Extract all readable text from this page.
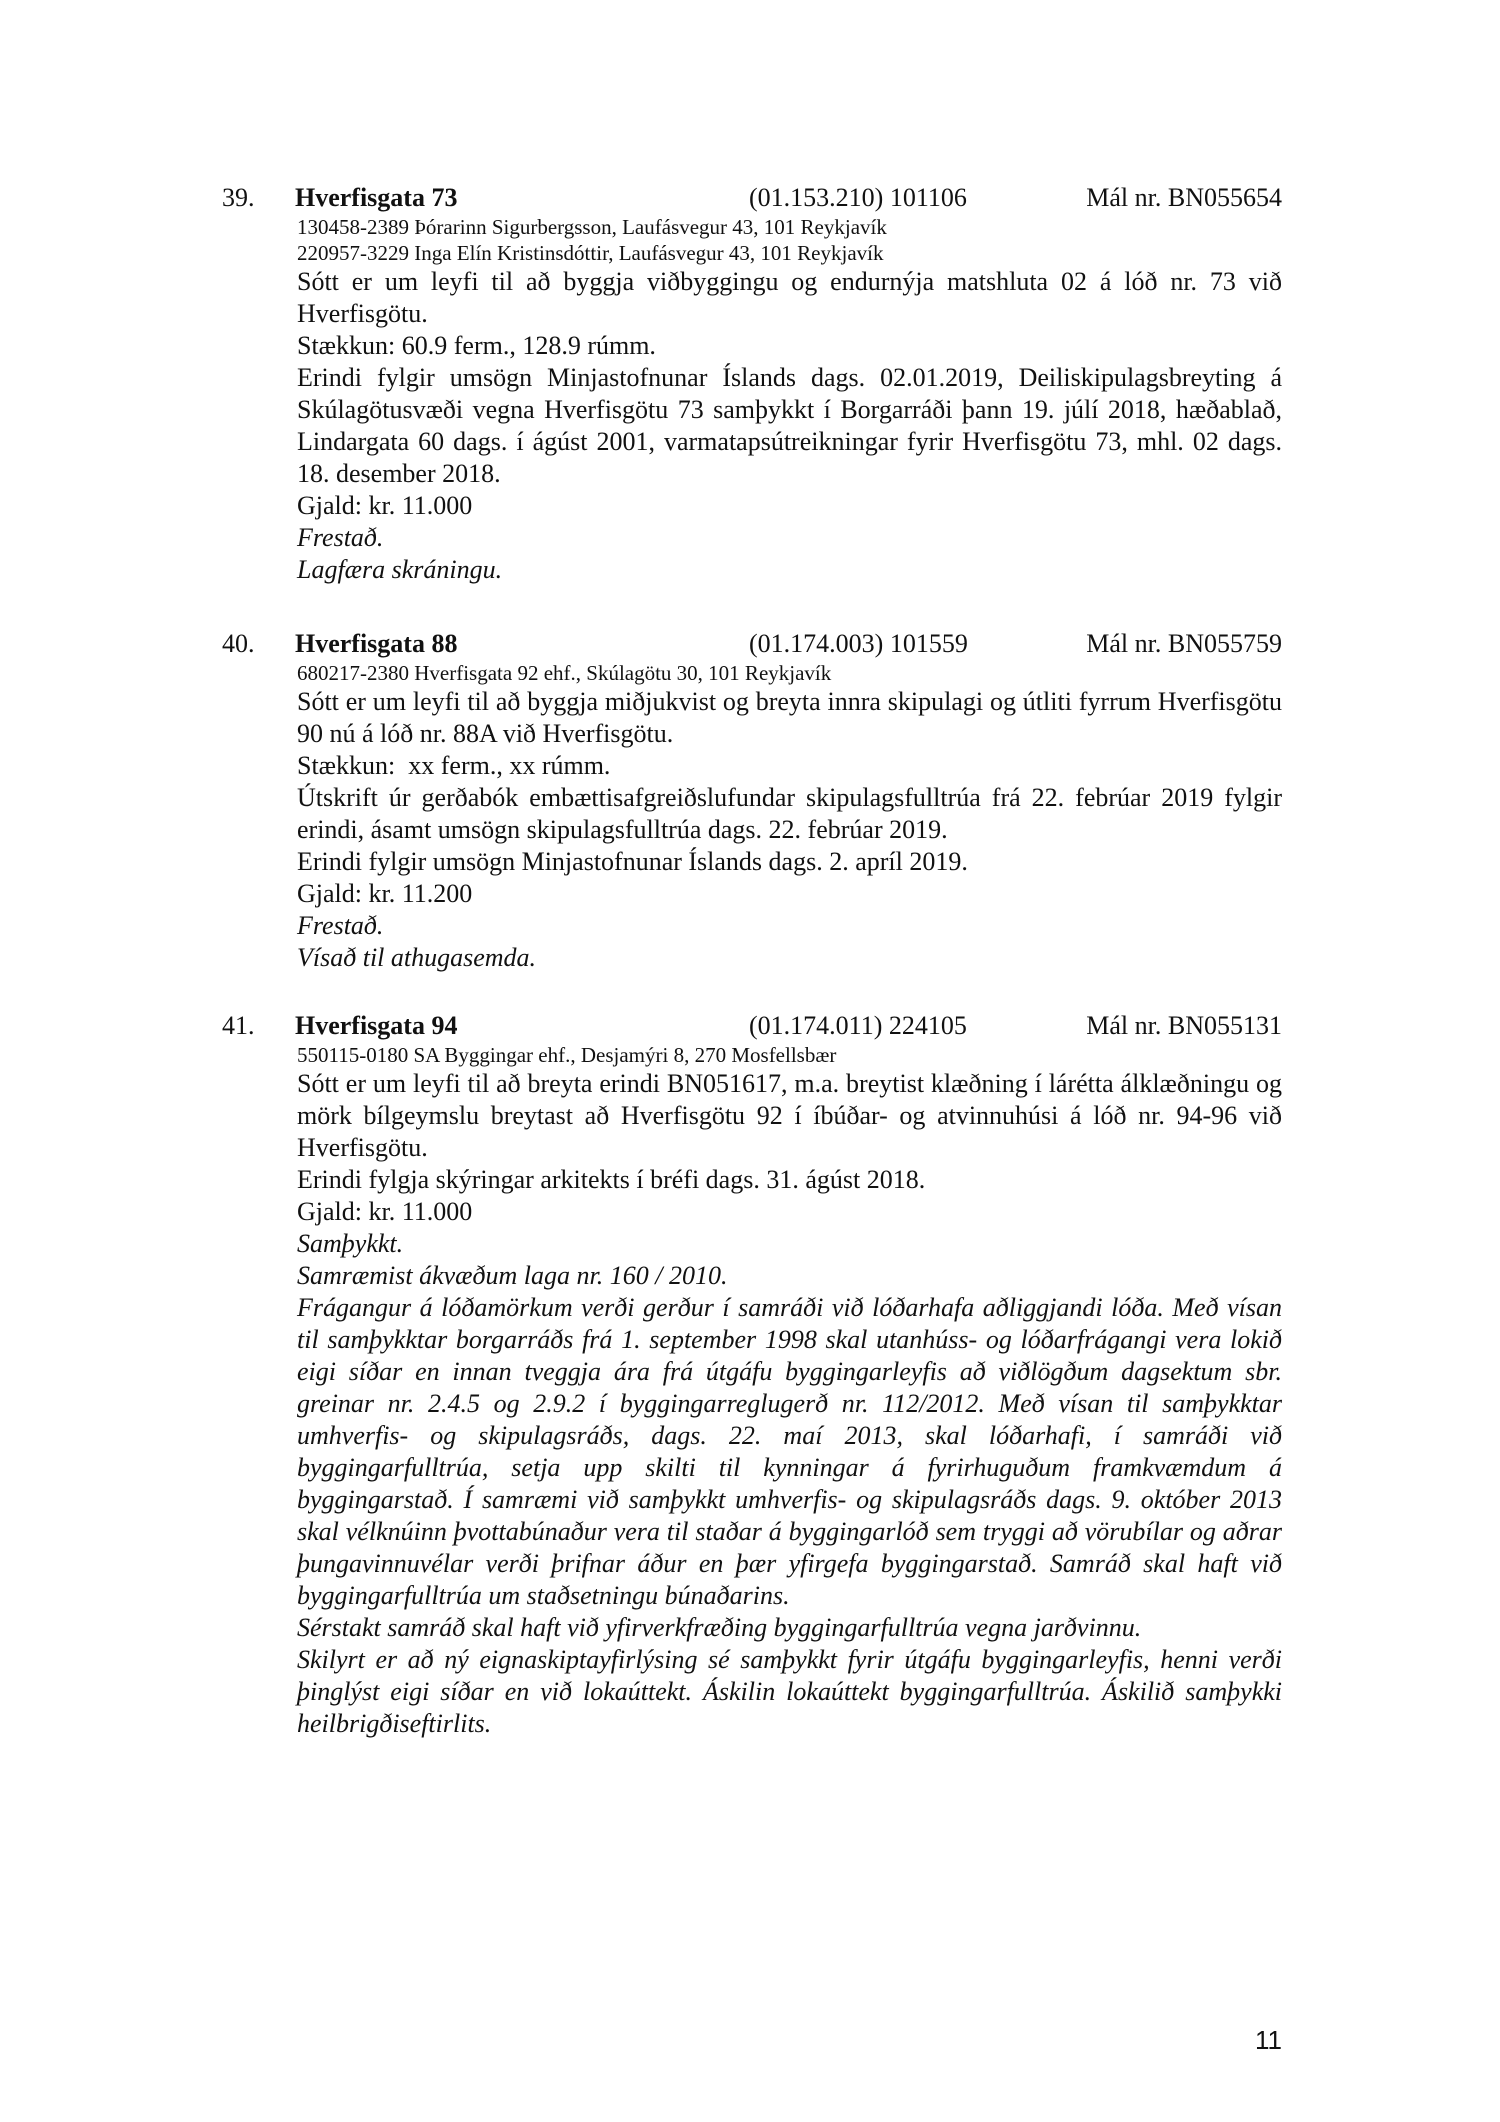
39. Hverfisgata 73	(01.153.210) 101106	Mál nr. BN055654
130458-2389 Þórarinn Sigurbergsson, Laufásvegur 43, 101 Reykjavík
220957-3229 Inga Elín Kristinsdóttir, Laufásvegur 43, 101 Reykjavík

Sótt er um leyfi til að byggja viðbyggingu og endurnýja matshluta 02 á lóð nr. 73 við Hverfisgötu.

Stækkun: 60.9 ferm., 128.9 rúmm.

Erindi fylgir umsögn Minjastofnunar Íslands dags. 02.01.2019, Deiliskipulagsbreyting á Skúlagötusvæði vegna Hverfisgötu 73 samþykkt í Borgarráði þann 19. júlí 2018, hæðablað, Lindargata 60 dags. í ágúst 2001, varmatapsútreikningar fyrir Hverfisgötu 73, mhl. 02 dags. 18. desember 2018.

Gjald: kr. 11.000

Frestað.

Lagfæra skráningu.

40. Hverfisgata 88	(01.174.003) 101559	Mál nr. BN055759
680217-2380 Hverfisgata 92 ehf., Skúlagötu 30, 101 Reykjavík

Sótt er um leyfi til að byggja miðjukvist og breyta innra skipulagi og útliti fyrrum Hverfisgötu 90 nú á lóð nr. 88A við Hverfisgötu.

Stækkun:  xx ferm., xx rúmm.

Útskrift úr gerðabók embættisafgreiðslufundar skipulagsfulltrúa frá 22. febrúar 2019 fylgir erindi, ásamt umsögn skipulagsfulltrúa dags. 22. febrúar 2019.

Erindi fylgir umsögn Minjastofnunar Íslands dags. 2. apríl 2019.

Gjald: kr. 11.200

Frestað.

Vísað til athugasemda.

41. Hverfisgata 94	(01.174.011) 224105	Mál nr. BN055131
550115-0180 SA Byggingar ehf., Desjamýri 8, 270 Mosfellsbær

Sótt er um leyfi til að breyta erindi BN051617, m.a. breytist klæðning í lárétta álklæðningu og mörk bílgeymslu breytast að Hverfisgötu 92 í íbúðar- og atvinnuhúsi á lóð nr. 94-96 við Hverfisgötu.

Erindi fylgja skýringar arkitekts í bréfi dags. 31. ágúst 2018.

Gjald: kr. 11.000

Samþykkt.

Samræmist ákvæðum laga nr. 160 / 2010.

Frágangur á lóðamörkum verði gerður í samráði við lóðarhafa aðliggjandi lóða. Með vísan til samþykktar borgarráðs frá 1. september 1998 skal utanhúss- og lóðarfrágangi vera lokið eigi síðar en innan tveggja ára frá útgáfu byggingarleyfis að viðlögðum dagsektum sbr. greinar nr. 2.4.5 og 2.9.2 í byggingarreglugerð nr. 112/2012. Með vísan til samþykktar umhverfis- og skipulagsráðs, dags. 22. maí 2013, skal lóðarhafi, í samráði við byggingarfulltrúa, setja upp skilti til kynningar á fyrirhuguðum framkvæmdum á byggingarstað. Í samræmi við samþykkt umhverfis- og skipulagsráðs dags. 9. október 2013 skal vélknúinn þvottabúnaður vera til staðar á byggingarlóð sem tryggi að vörubílar og aðrar þungavinnuvélar verði þrifnar áður en þær yfirgefa byggingarstað. Samráð skal haft við byggingarfulltrúa um staðsetningu búnaðarins.

Sérstakt samráð skal haft við yfirverkfræðing byggingarfulltrúa vegna jarðvinnu.

Skilyrt er að ný eignaskiptayfirlýsing sé samþykkt fyrir útgáfu byggingarleyfis, henni verði þinglýst eigi síðar en við lokaúttekt. Áskilin lokaúttekt byggingarfulltrúa. Áskilið samþykki heilbrigðiseftirlits.

11
